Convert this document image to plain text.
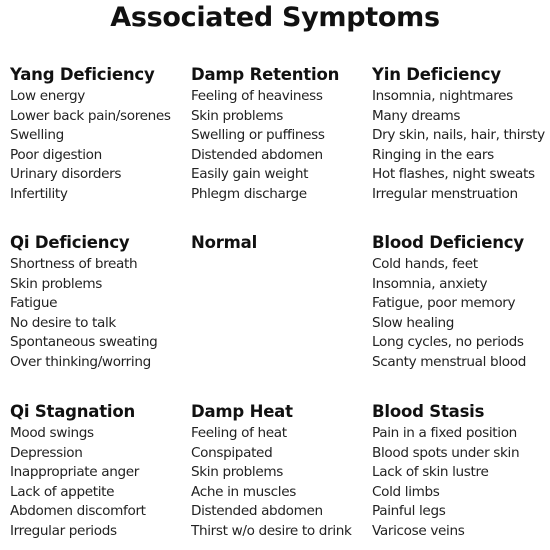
Associated Symptoms
Yang Deficiency
Low energy
Lower back pain/sorenes
Swelling
Poor digestion
Urinary disorders
Infertility
Damp Retention
Feeling of heaviness
Skin problems
Swelling or puffiness
Distended abdomen
Easily gain weight
Phlegm discharge
Yin Deficiency
Insomnia, nightmares
Many dreams
Dry skin, nails, hair, thirsty
Ringing in the ears
Hot flashes, night sweats
Irregular menstruation
Qi Deficiency
Shortness of breath
Skin problems
Fatigue
No desire to talk
Spontaneous sweating
Over thinking/worring
Normal	Blood Deficiency
Cold hands, feet
Insomnia, anxiety
Fatigue, poor memory
Slow healing
Long cycles, no periods
Scanty menstrual blood
Qi Stagnation
Mood swings
Depression
Inappropriate anger
Lack of appetite
Abdomen discomfort
Irregular periods
Damp Heat
Feeling of heat
Conspipated
Skin problems
Ache in muscles
Distended abdomen
Thirst w/o desire to drink
Blood Stasis
Pain in a fixed position
Blood spots under skin
Lack of skin lustre
Cold limbs
Painful legs
Varicose veins
